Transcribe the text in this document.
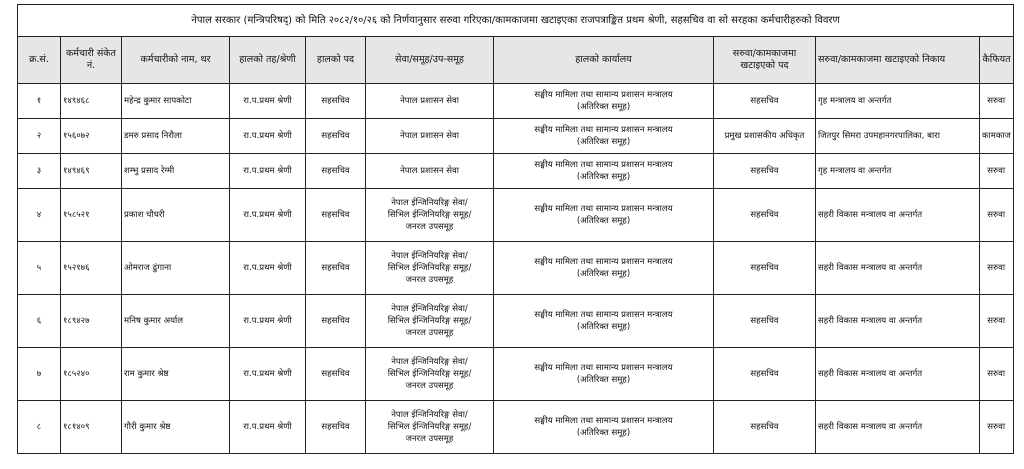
नेपाल सरकार (मन्त्रिपरिषद्) को मिति २०८२/१०/२६ को निर्णयानुसार सरुवा गरिएका/कामकाजमा खटाइएका राजपत्राङ्कित प्रथम श्रेणी, सहसचिव वा सो सरहका कर्मचारीहरुको विवरण									
क्र.सं.	कर्मचारी संकेत नं.	कर्मचारीको नाम, थर	हालको तह/श्रेणी	हालको पद	सेवा/समूह/उप-समूह	हालको कार्यालय	सरुवा/कामकाजमा खटाइएको पद	सरुवा/कामकाजमा खटाइएको निकाय	कैफियत
१	१४९४६८	महेन्द्र कुमार सापकोटा	रा.प.प्रथम श्रेणी	सहसचिव	नेपाल प्रशासन सेवा	सङ्घीय मामिला तथा सामान्य प्रशासन मन्त्रालय
(अतिरिक्त समूह)	सहसचिव	गृह मन्त्रालय वा अन्तर्गत	सरुवा
२	१५६०७२	डमरु प्रसाद निरौला	रा.प.प्रथम श्रेणी	सहसचिव	नेपाल प्रशासन सेवा	सङ्घीय मामिला तथा सामान्य प्रशासन मन्त्रालय
(अतिरिक्त समूह)	प्रमुख प्रशासकीय अधिकृत	जितपुर सिमरा उपमहानगरपालिका, बारा	कामकाज
३	१४९४६९	शम्भु प्रसाद रेग्मी	रा.प.प्रथम श्रेणी	सहसचिव	नेपाल प्रशासन सेवा	सङ्घीय मामिला तथा सामान्य प्रशासन मन्त्रालय
(अतिरिक्त समूह)	सहसचिव	गृह मन्त्रालय वा अन्तर्गत	सरुवा
४	१५८५२१	प्रकाश चौधरी	रा.प.प्रथम श्रेणी	सहसचिव	नेपाल ईन्जिनियरिङ्ग सेवा/
सिभिल ईन्जिनियरिङ्ग समूह/
जनरल उपसमूह	सङ्घीय मामिला तथा सामान्य प्रशासन मन्त्रालय
(अतिरिक्त समूह)	सहसचिव	सहरी विकास मन्त्रालय वा अन्तर्गत	सरुवा
५	१५२१७६	ओमराज ढुंगाना	रा.प.प्रथम श्रेणी	सहसचिव	नेपाल ईन्जिनियरिङ्ग सेवा/
सिभिल ईन्जिनियरिङ्ग समूह/
जनरल उपसमूह	सङ्घीय मामिला तथा सामान्य प्रशासन मन्त्रालय
(अतिरिक्त समूह)	सहसचिव	सहरी विकास मन्त्रालय वा अन्तर्गत	सरुवा
६	१८९४२७	मनिष कुमार अर्याल	रा.प.प्रथम श्रेणी	सहसचिव	नेपाल ईन्जिनियरिङ्ग सेवा/
सिभिल ईन्जिनियरिङ्ग समूह/
जनरल उपसमूह	सङ्घीय मामिला तथा सामान्य प्रशासन मन्त्रालय
(अतिरिक्त समूह)	सहसचिव	सहरी विकास मन्त्रालय वा अन्तर्गत	सरुवा
७	१८५२४०	राम कुमार श्रेष्ठ	रा.प.प्रथम श्रेणी	सहसचिव	नेपाल ईन्जिनियरिङ्ग सेवा/
सिभिल ईन्जिनियरिङ्ग समूह/
जनरल उपसमूह	सङ्घीय मामिला तथा सामान्य प्रशासन मन्त्रालय
(अतिरिक्त समूह)	सहसचिव	सहरी विकास मन्त्रालय वा अन्तर्गत	सरुवा
८	१८१४०९	गौरी कुमार श्रेष्ठ	रा.प.प्रथम श्रेणी	सहसचिव	नेपाल ईन्जिनियरिङ्ग सेवा/
सिभिल ईन्जिनियरिङ्ग समूह/
जनरल उपसमूह	सङ्घीय मामिला तथा सामान्य प्रशासन मन्त्रालय
(अतिरिक्त समूह)	सहसचिव	सहरी विकास मन्त्रालय वा अन्तर्गत	सरुवा
